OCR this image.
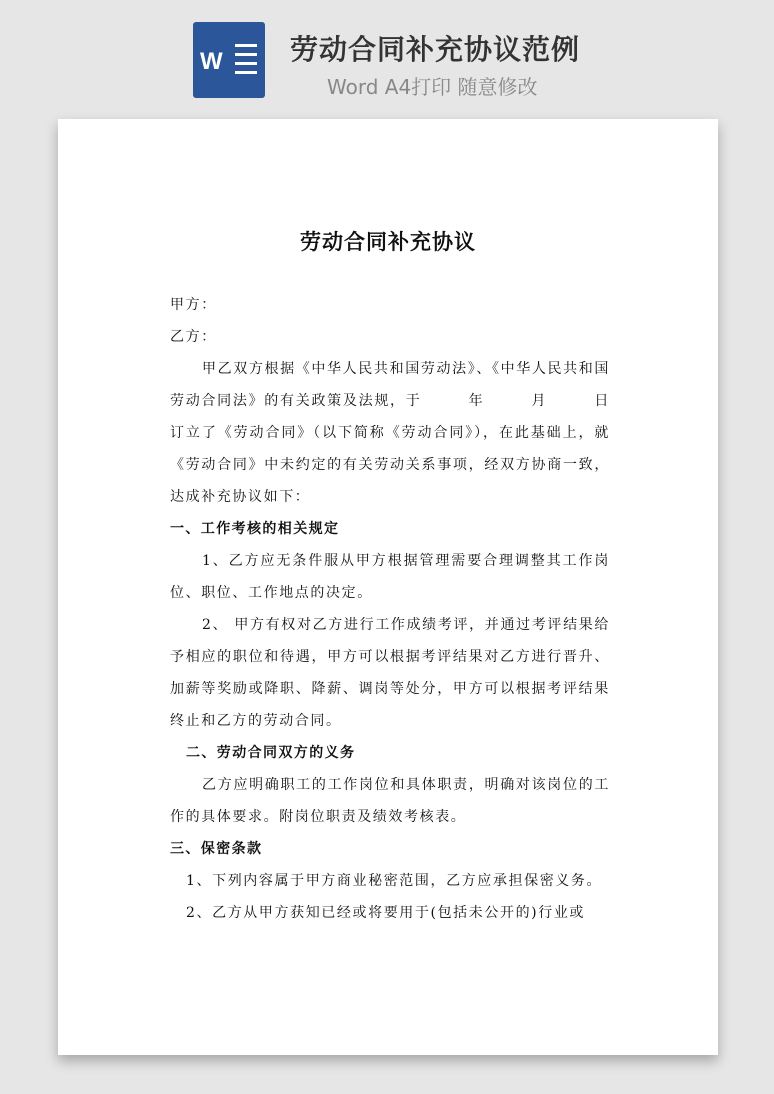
W 劳动合同补充协议范例
Word A4打印 随意修改
劳动合同补充协议

甲方：

乙方：

甲乙双方根据《中华人民共和国劳动法》、《中华人民共和国劳动合同法》的有关政策及法规，于　　　年　　　月　　　日订立了《劳动合同》（以下简称《劳动合同》），在此基础上，就《劳动合同》中未约定的有关劳动关系事项，经双方协商一致，达成补充协议如下：

一、工作考核的相关规定

1、乙方应无条件服从甲方根据管理需要合理调整其工作岗位、职位、工作地点的决定。

2、 甲方有权对乙方进行工作成绩考评，并通过考评结果给予相应的职位和待遇，甲方可以根据考评结果对乙方进行晋升、加薪等奖励或降职、降薪、调岗等处分，甲方可以根据考评结果终止和乙方的劳动合同。

二、劳动合同双方的义务

乙方应明确职工的工作岗位和具体职责，明确对该岗位的工作的具体要求。附岗位职责及绩效考核表。

三、保密条款

1、下列内容属于甲方商业秘密范围，乙方应承担保密义务。

2、乙方从甲方获知已经或将要用于(包括未公开的)行业或
